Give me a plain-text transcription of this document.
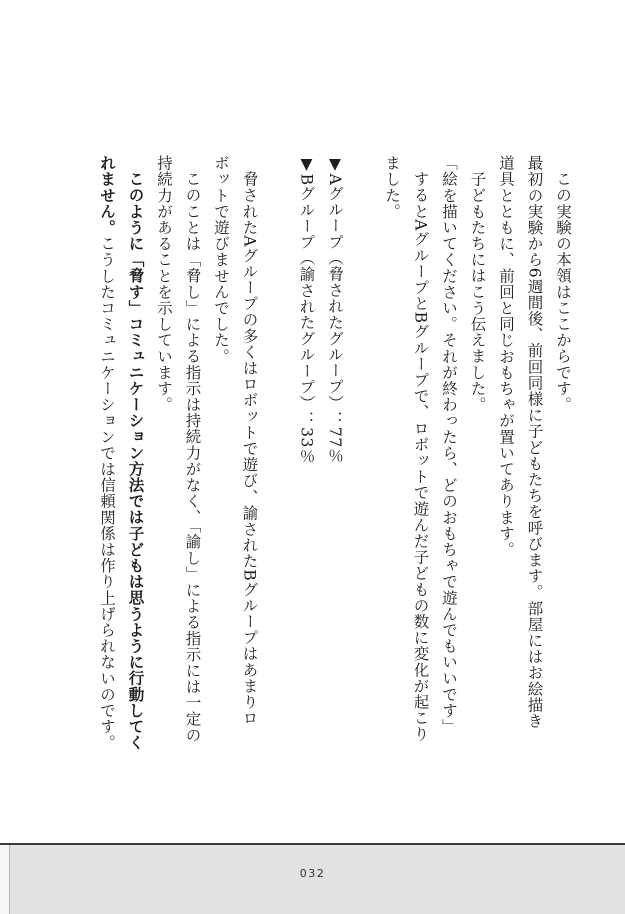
この実験の本領はここからです。
最初の実験から6週間後、前回同様に子どもたちを呼びます。部屋にはお絵描き
道具とともに、前回と同じおもちゃが置いてあります。
子どもたちにはこう伝えました。
「絵を描いてください。それが終わったら、どのおもちゃで遊んでもいいです」
するとAグループとBグループで、ロボットで遊んだ子どもの数に変化が起こり
ました。
▼Aグループ（脅されたグループ）：77％
▼Bグループ（諭されたグループ）：33％
脅されたAグループの多くはロボットで遊び、諭されたBグループはあまりロ
ボットで遊びませんでした。
このことは「脅し」による指示は持続力がなく、「諭し」による指示には一定の
持続力があることを示しています。
このように「脅す」コミュニケーション方法では子どもは思うように行動してく
れません。こうしたコミュニケーションでは信頼関係は作り上げられないのです。
032
